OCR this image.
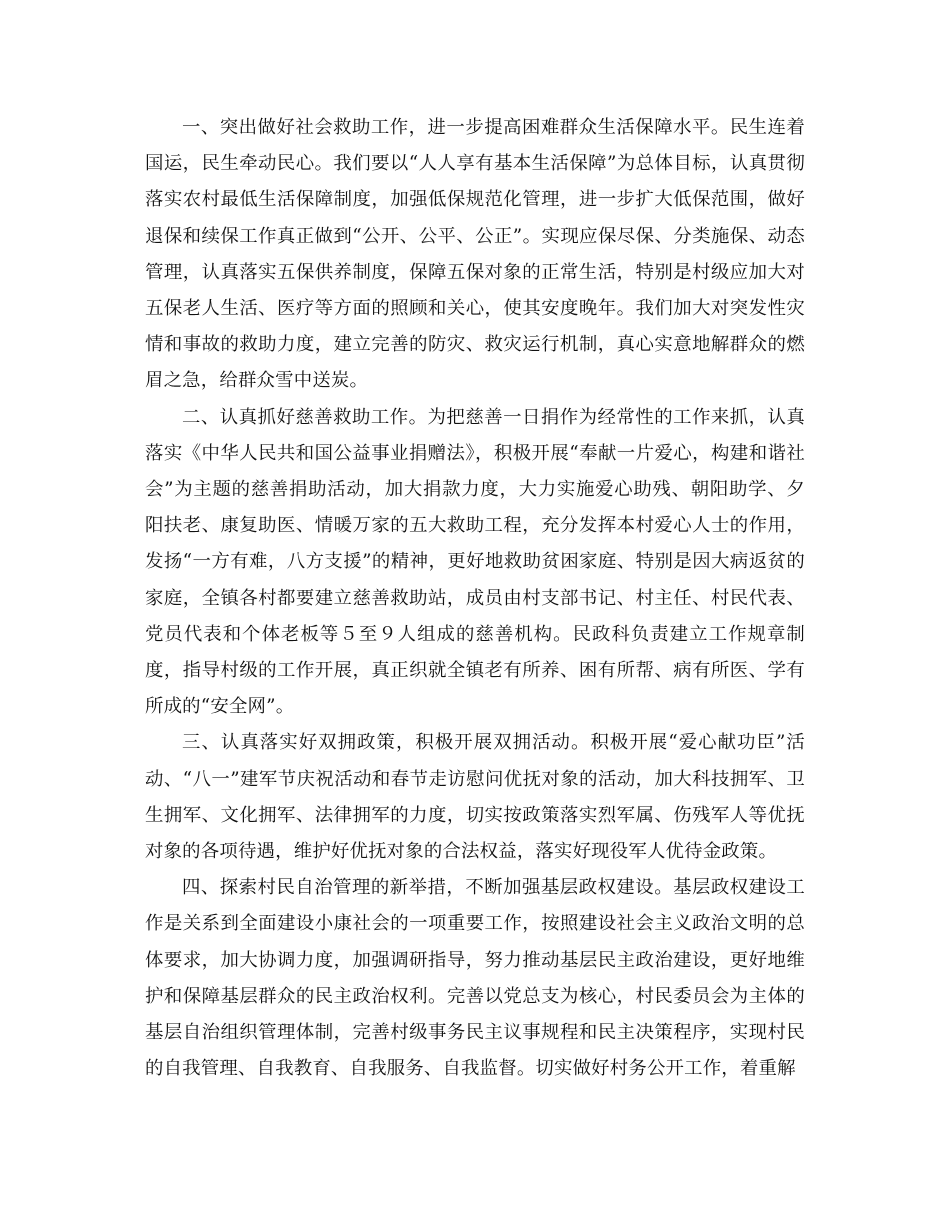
一、突出做好社会救助工作，进一步提高困难群众生活保障水平。民生连着国运，民生牵动民心。我们要以“人人享有基本生活保障”为总体目标，认真贯彻落实农村最低生活保障制度，加强低保规范化管理，进一步扩大低保范围，做好退保和续保工作真正做到“公开、公平、公正”。实现应保尽保、分类施保、动态管理，认真落实五保供养制度，保障五保对象的正常生活，特别是村级应加大对五保老人生活、医疗等方面的照顾和关心，使其安度晚年。我们加大对突发性灾情和事故的救助力度，建立完善的防灾、救灾运行机制，真心实意地解群众的燃眉之急，给群众雪中送炭。

二、认真抓好慈善救助工作。为把慈善一日捐作为经常性的工作来抓，认真落实《中华人民共和国公益事业捐赠法》，积极开展“奉献一片爱心，构建和谐社会”为主题的慈善捐助活动，加大捐款力度，大力实施爱心助残、朝阳助学、夕阳扶老、康复助医、情暖万家的五大救助工程，充分发挥本村爱心人士的作用，发扬“一方有难，八方支援”的精神，更好地救助贫困家庭、特别是因大病返贫的家庭，全镇各村都要建立慈善救助站，成员由村支部书记、村主任、村民代表、党员代表和个体老板等５至９人组成的慈善机构。民政科负责建立工作规章制度，指导村级的工作开展，真正织就全镇老有所养、困有所帮、病有所医、学有所成的“安全网”。

三、认真落实好双拥政策，积极开展双拥活动。积极开展“爱心献功臣”活动、“八一”建军节庆祝活动和春节走访慰问优抚对象的活动，加大科技拥军、卫生拥军、文化拥军、法律拥军的力度，切实按政策落实烈军属、伤残军人等优抚对象的各项待遇，维护好优抚对象的合法权益，落实好现役军人优待金政策。

四、探索村民自治管理的新举措，不断加强基层政权建设。基层政权建设工作是关系到全面建设小康社会的一项重要工作，按照建设社会主义政治文明的总体要求，加大协调力度，加强调研指导，努力推动基层民主政治建设，更好地维护和保障基层群众的民主政治权利。完善以党总支为核心，村民委员会为主体的基层自治组织管理体制，完善村级事务民主议事规程和民主决策程序，实现村民的自我管理、自我教育、自我服务、自我监督。切实做好村务公开工作，着重解
